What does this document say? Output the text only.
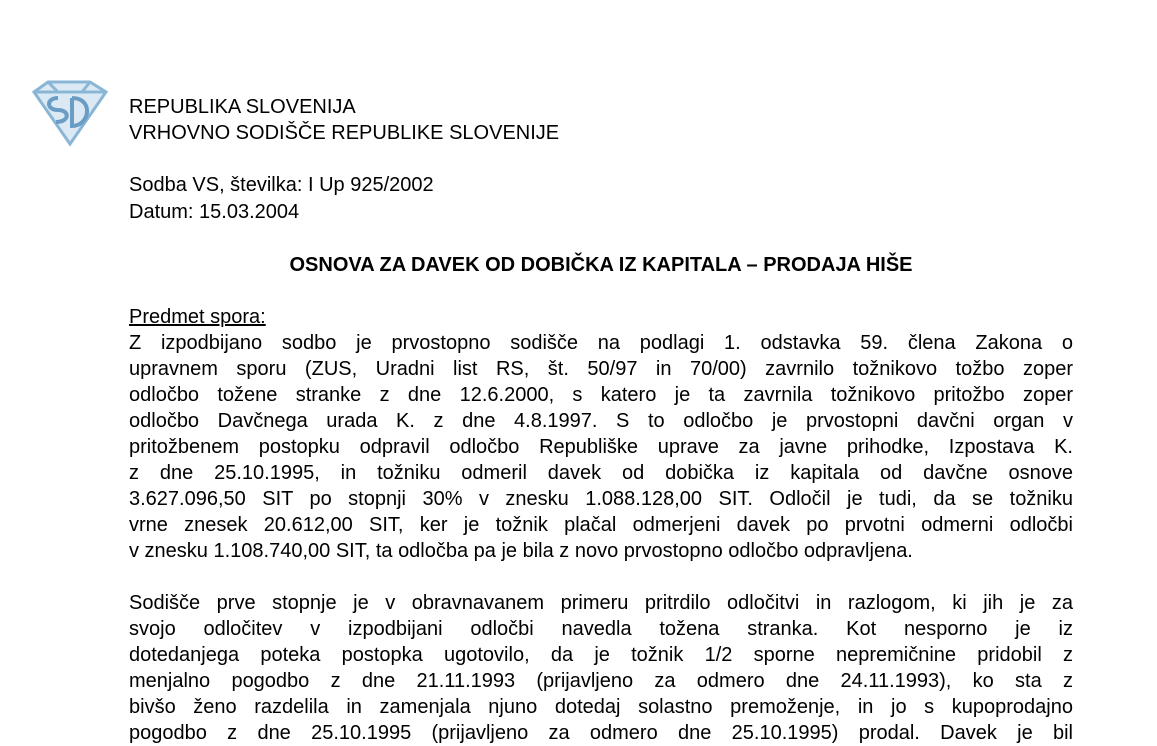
REPUBLIKA SLOVENIJA
VRHOVNO SODIŠČE REPUBLIKE SLOVENIJE
Sodba VS, številka: I Up 925/2002
Datum: 15.03.2004
OSNOVA ZA DAVEK OD DOBIČKA IZ KAPITALA – PRODAJA HIŠE
Predmet spora:
Z izpodbijano sodbo je prvostopno sodišče na podlagi 1. odstavka 59. člena Zakona o
upravnem sporu (ZUS, Uradni list RS, št. 50/97 in 70/00) zavrnilo tožnikovo tožbo zoper
odločbo tožene stranke z dne 12.6.2000, s katero je ta zavrnila tožnikovo pritožbo zoper
odločbo Davčnega urada K. z dne 4.8.1997. S to odločbo je prvostopni davčni organ v
pritožbenem postopku odpravil odločbo Republiške uprave za javne prihodke, Izpostava K.
z dne 25.10.1995, in tožniku odmeril davek od dobička iz kapitala od davčne osnove
3.627.096,50 SIT po stopnji 30% v znesku 1.088.128,00 SIT. Odločil je tudi, da se tožniku
vrne znesek 20.612,00 SIT, ker je tožnik plačal odmerjeni davek po prvotni odmerni odločbi
v znesku 1.108.740,00 SIT, ta odločba pa je bila z novo prvostopno odločbo odpravljena.
Sodišče prve stopnje je v obravnavanem primeru pritrdilo odločitvi in razlogom, ki jih je za
svojo odločitev v izpodbijani odločbi navedla tožena stranka. Kot nesporno je iz
dotedanjega poteka postopka ugotovilo, da je tožnik 1/2 sporne nepremičnine pridobil z
menjalno pogodbo z dne 21.11.1993 (prijavljeno za odmero dne 24.11.1993), ko sta z
bivšo ženo razdelila in zamenjala njuno dotedaj solastno premoženje, in jo s kupoprodajno
pogodbo z dne 25.10.1995 (prijavljeno za odmero dne 25.10.1995) prodal. Davek je bil
